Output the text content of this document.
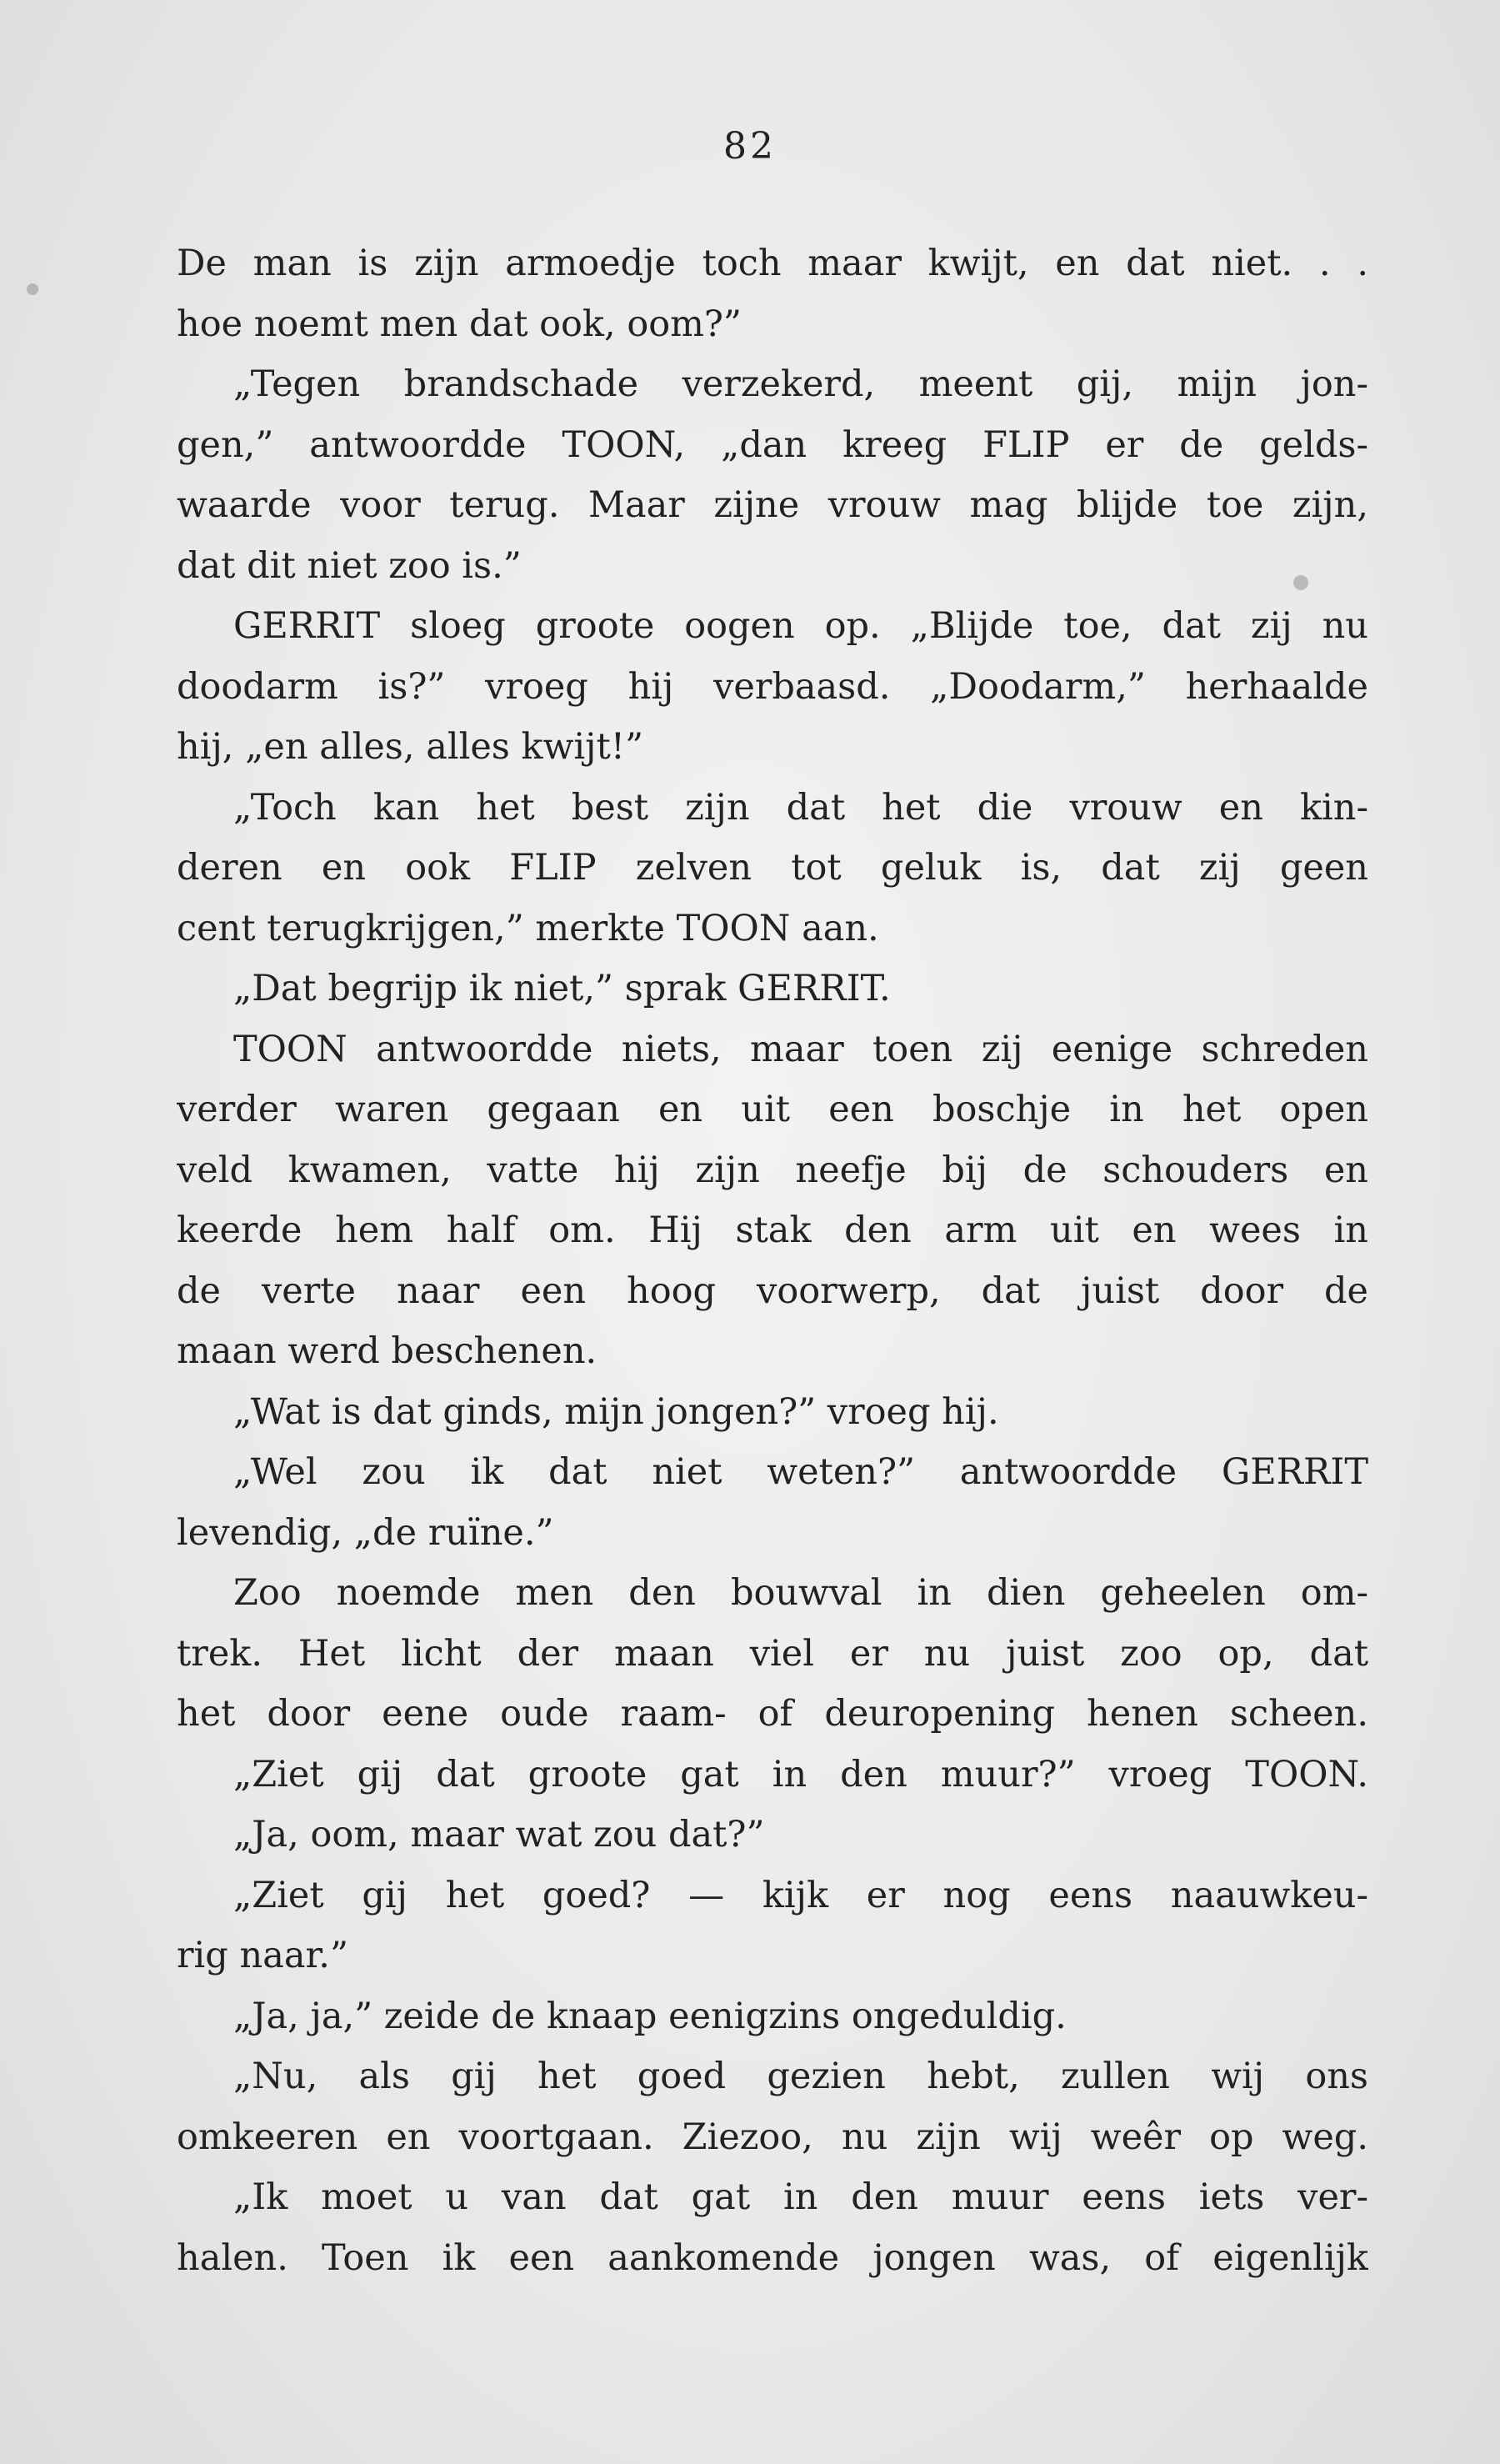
82
De man is zijn armoedje toch maar kwijt, en dat niet. . .
hoe noemt men dat ook, oom?”
„Tegen brandschade verzekerd, meent gij, mijn jon-
gen,” antwoordde TOON, „dan kreeg FLIP er de gelds-
waarde voor terug. Maar zijne vrouw mag blijde toe zijn,
dat dit niet zoo is.”
GERRIT sloeg groote oogen op. „Blijde toe, dat zij nu
doodarm is?” vroeg hij verbaasd. „Doodarm,” herhaalde
hij, „en alles, alles kwijt!”
„Toch kan het best zijn dat het die vrouw en kin-
deren en ook FLIP zelven tot geluk is, dat zij geen
cent terugkrijgen,” merkte TOON aan.
„Dat begrijp ik niet,” sprak GERRIT.
TOON antwoordde niets, maar toen zij eenige schreden
verder waren gegaan en uit een boschje in het open
veld kwamen, vatte hij zijn neefje bij de schouders en
keerde hem half om. Hij stak den arm uit en wees in
de verte naar een hoog voorwerp, dat juist door de
maan werd beschenen.
„Wat is dat ginds, mijn jongen?” vroeg hij.
„Wel zou ik dat niet weten?” antwoordde GERRIT
levendig, „de ruïne.”
Zoo noemde men den bouwval in dien geheelen om-
trek. Het licht der maan viel er nu juist zoo op, dat
het door eene oude raam- of deuropening henen scheen.
„Ziet gij dat groote gat in den muur?” vroeg TOON.
„Ja, oom, maar wat zou dat?”
„Ziet gij het goed? — kijk er nog eens naauwkeu-
rig naar.”
„Ja, ja,” zeide de knaap eenigzins ongeduldig.
„Nu, als gij het goed gezien hebt, zullen wij ons
omkeeren en voortgaan. Ziezoo, nu zijn wij weêr op weg.
„Ik moet u van dat gat in den muur eens iets ver-
halen. Toen ik een aankomende jongen was, of eigenlijk
